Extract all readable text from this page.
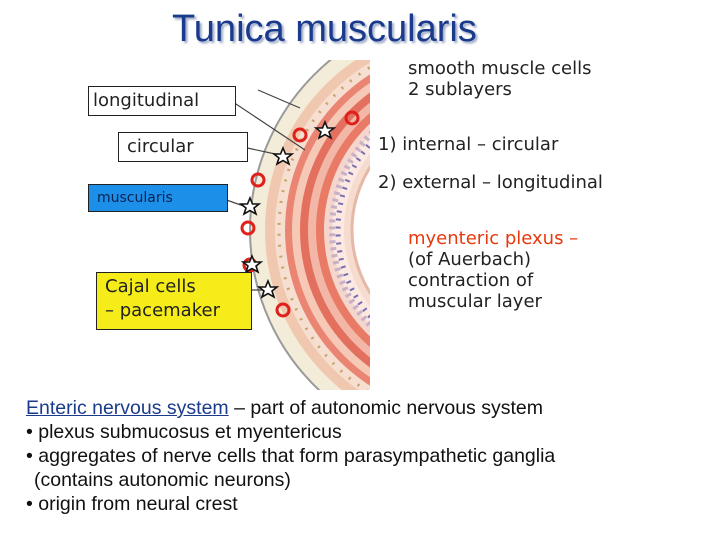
Tunica muscularis
longitudinal
circular
muscularis
Cajal cells
– pacemaker
smooth muscle cells
2 sublayers
1) internal – circular
2) external – longitudinal
myenteric plexus –
(of Auerbach)
contraction of
muscular layer
Enteric nervous system – part of autonomic nervous system
• plexus submucosus et myentericus
• aggregates of nerve cells that form parasympathetic ganglia
(contains autonomic neurons)
• origin from neural crest
